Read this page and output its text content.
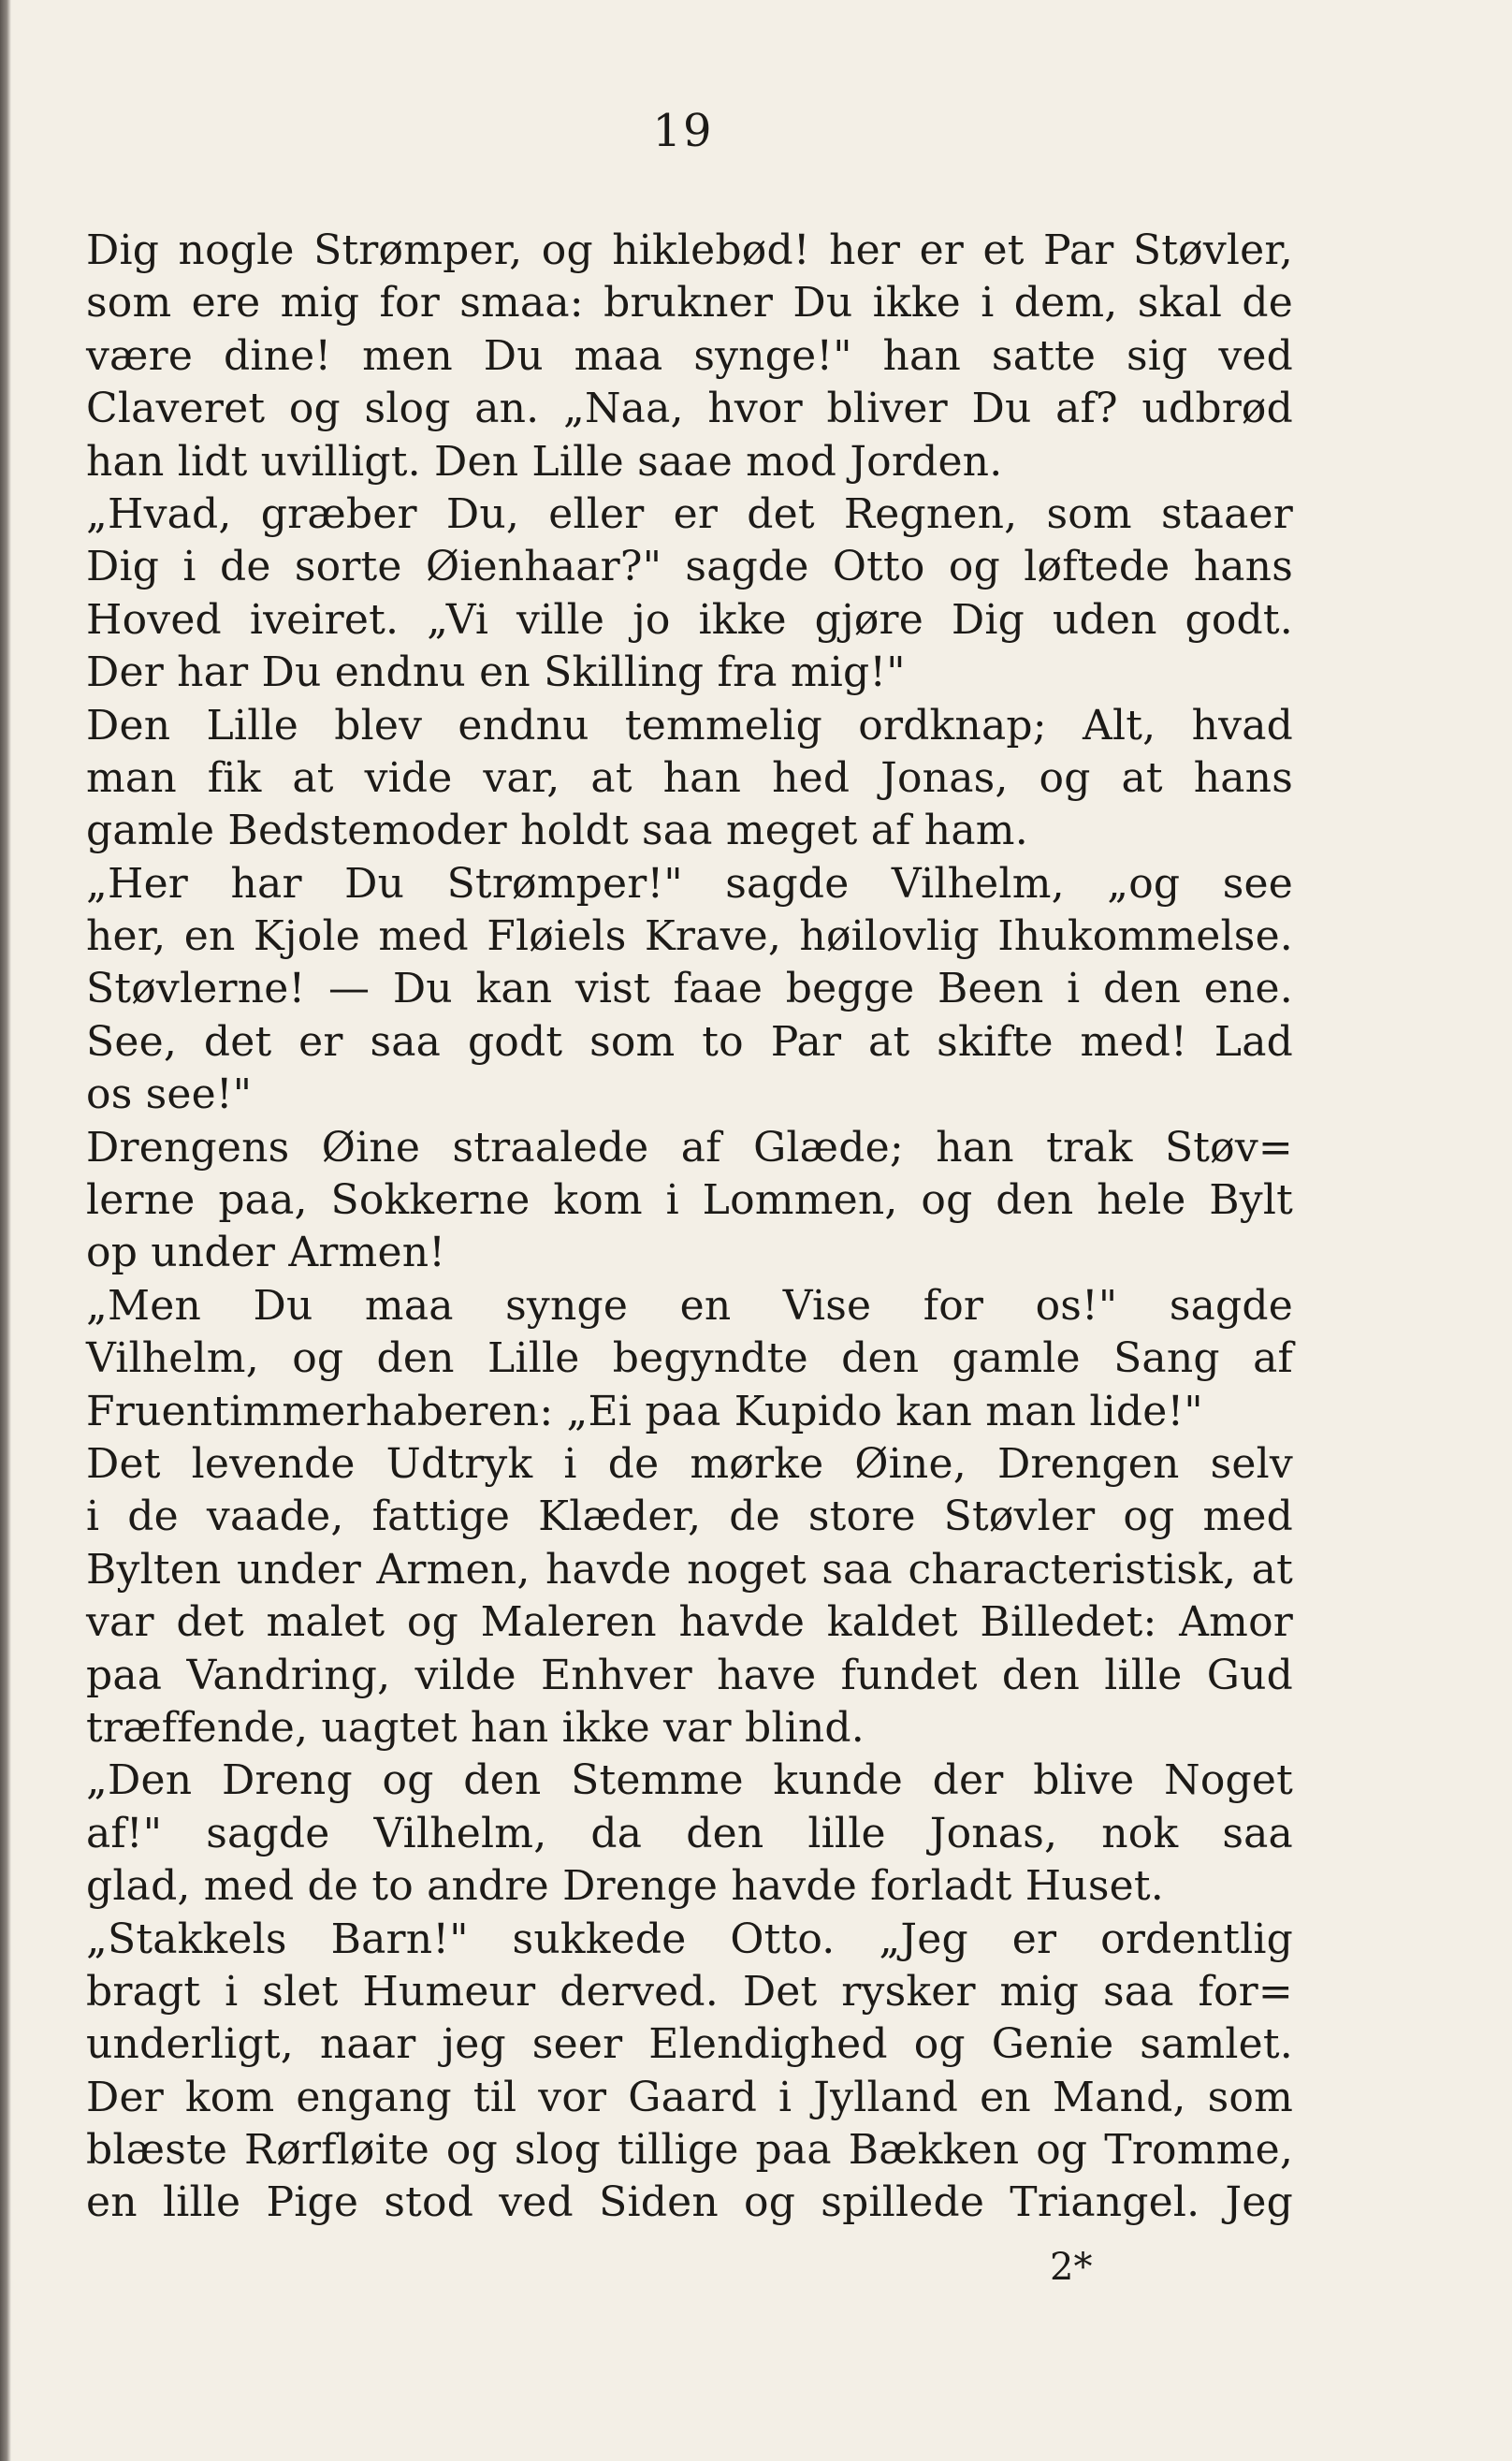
19
Dig nogle Strømper, og hiklebød! her er et Par Støvler,
som ere mig for smaa: brukner Du ikke i dem, skal de
være dine! men Du maa synge!" han satte sig ved
Claveret og slog an. „Naa, hvor bliver Du af? udbrød
han lidt uvilligt. Den Lille saae mod Jorden.
„Hvad, græber Du, eller er det Regnen, som staaer
Dig i de sorte Øienhaar?" sagde Otto og løftede hans
Hoved iveiret. „Vi ville jo ikke gjøre Dig uden godt.
Der har Du endnu en Skilling fra mig!"
Den Lille blev endnu temmelig ordknap; Alt, hvad
man fik at vide var, at han hed Jonas, og at hans
gamle Bedstemoder holdt saa meget af ham.
„Her har Du Strømper!" sagde Vilhelm, „og see
her, en Kjole med Fløiels Krave, høilovlig Ihukommelse.
Støvlerne! — Du kan vist faae begge Been i den ene.
See, det er saa godt som to Par at skifte med! Lad
os see!"
Drengens Øine straalede af Glæde; han trak Støv=
lerne paa, Sokkerne kom i Lommen, og den hele Bylt
op under Armen!
„Men Du maa synge en Vise for os!" sagde
Vilhelm, og den Lille begyndte den gamle Sang af
Fruentimmerhaberen: „Ei paa Kupido kan man lide!"
Det levende Udtryk i de mørke Øine, Drengen selv
i de vaade, fattige Klæder, de store Støvler og med
Bylten under Armen, havde noget saa characteristisk, at
var det malet og Maleren havde kaldet Billedet: Amor
paa Vandring, vilde Enhver have fundet den lille Gud
træffende, uagtet han ikke var blind.
„Den Dreng og den Stemme kunde der blive Noget
af!" sagde Vilhelm, da den lille Jonas, nok saa
glad, med de to andre Drenge havde forladt Huset.
„Stakkels Barn!" sukkede Otto. „Jeg er ordentlig
bragt i slet Humeur derved. Det rysker mig saa for=
underligt, naar jeg seer Elendighed og Genie samlet.
Der kom engang til vor Gaard i Jylland en Mand, som
blæste Rørfløite og slog tillige paa Bækken og Tromme,
en lille Pige stod ved Siden og spillede Triangel. Jeg
2*
